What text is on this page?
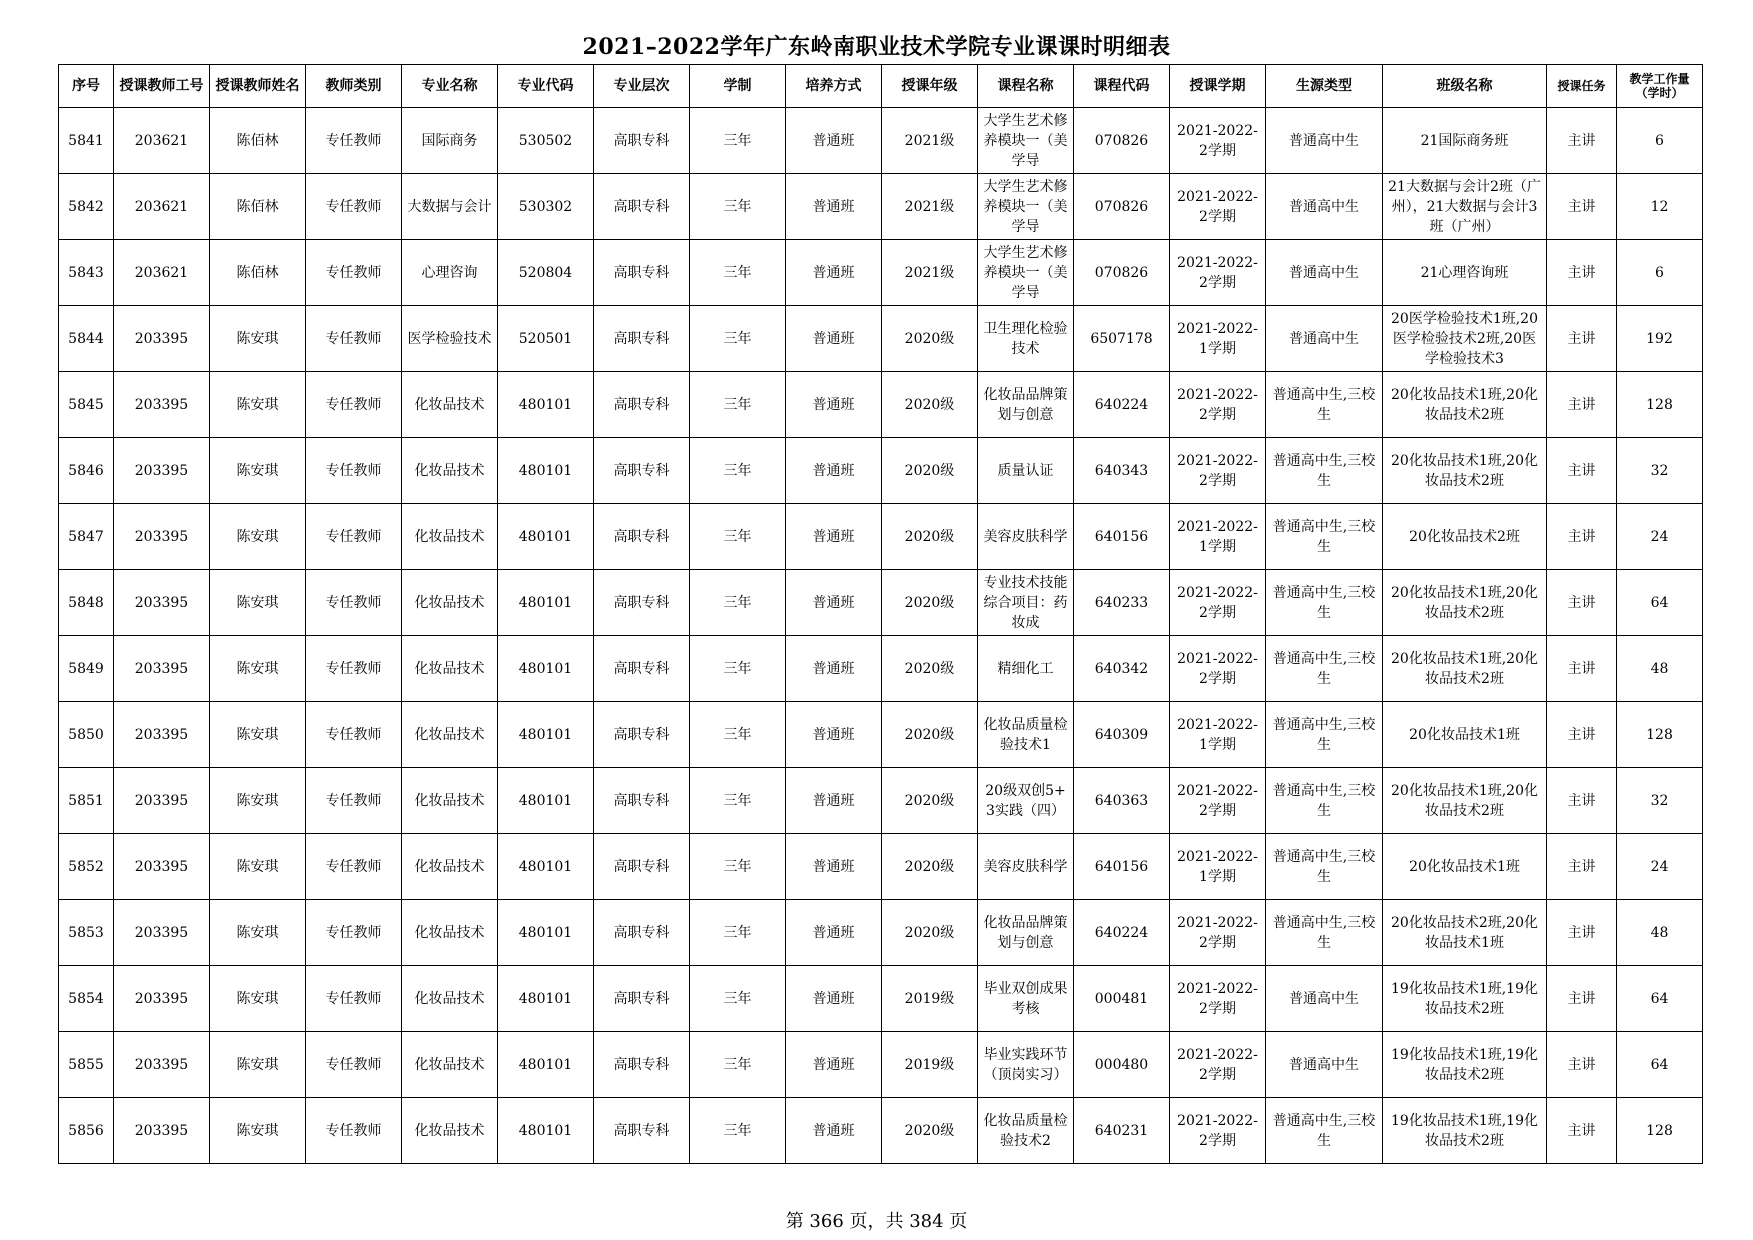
2021–2022学年广东岭南职业技术学院专业课课时明细表
序号	授课教师工号	授课教师姓名	教师类别	专业名称	专业代码	专业层次	学制	培养方式	授课年级	课程名称	课程代码	授课学期	生源类型	班级名称	授课任务	教学工作量（学时）

5841	203621	陈佰林	专任教师	国际商务	530502	高职专科	三年	普通班	2021级	大学生艺术修养模块一（美学导	070826	2021-2022-2学期	普通高中生	21国际商务班	主讲	6

5842	203621	陈佰林	专任教师	大数据与会计	530302	高职专科	三年	普通班	2021级	大学生艺术修养模块一（美学导	070826	2021-2022-2学期	普通高中生	21大数据与会计2班（广州），21大数据与会计3班（广州）	主讲	12

5843	203621	陈佰林	专任教师	心理咨询	520804	高职专科	三年	普通班	2021级	大学生艺术修养模块一（美学导	070826	2021-2022-2学期	普通高中生	21心理咨询班	主讲	6

5844	203395	陈安琪	专任教师	医学检验技术	520501	高职专科	三年	普通班	2020级	卫生理化检验技术	6507178	2021-2022-1学期	普通高中生	20医学检验技术1班,20医学检验技术2班,20医学检验技术3	主讲	192

5845	203395	陈安琪	专任教师	化妆品技术	480101	高职专科	三年	普通班	2020级	化妆品品牌策划与创意	640224	2021-2022-2学期	普通高中生,三校生	20化妆品技术1班,20化妆品技术2班	主讲	128

5846	203395	陈安琪	专任教师	化妆品技术	480101	高职专科	三年	普通班	2020级	质量认证	640343	2021-2022-2学期	普通高中生,三校生	20化妆品技术1班,20化妆品技术2班	主讲	32

5847	203395	陈安琪	专任教师	化妆品技术	480101	高职专科	三年	普通班	2020级	美容皮肤科学	640156	2021-2022-1学期	普通高中生,三校生	20化妆品技术2班	主讲	24

5848	203395	陈安琪	专任教师	化妆品技术	480101	高职专科	三年	普通班	2020级	专业技术技能综合项目：药妆成	640233	2021-2022-2学期	普通高中生,三校生	20化妆品技术1班,20化妆品技术2班	主讲	64

5849	203395	陈安琪	专任教师	化妆品技术	480101	高职专科	三年	普通班	2020级	精细化工	640342	2021-2022-2学期	普通高中生,三校生	20化妆品技术1班,20化妆品技术2班	主讲	48

5850	203395	陈安琪	专任教师	化妆品技术	480101	高职专科	三年	普通班	2020级	化妆品质量检验技术1	640309	2021-2022-1学期	普通高中生,三校生	20化妆品技术1班	主讲	128

5851	203395	陈安琪	专任教师	化妆品技术	480101	高职专科	三年	普通班	2020级	20级双创5+3实践（四）	640363	2021-2022-2学期	普通高中生,三校生	20化妆品技术1班,20化妆品技术2班	主讲	32

5852	203395	陈安琪	专任教师	化妆品技术	480101	高职专科	三年	普通班	2020级	美容皮肤科学	640156	2021-2022-1学期	普通高中生,三校生	20化妆品技术1班	主讲	24

5853	203395	陈安琪	专任教师	化妆品技术	480101	高职专科	三年	普通班	2020级	化妆品品牌策划与创意	640224	2021-2022-2学期	普通高中生,三校生	20化妆品技术2班,20化妆品技术1班	主讲	48

5854	203395	陈安琪	专任教师	化妆品技术	480101	高职专科	三年	普通班	2019级	毕业双创成果考核	000481	2021-2022-2学期	普通高中生	19化妆品技术1班,19化妆品技术2班	主讲	64

5855	203395	陈安琪	专任教师	化妆品技术	480101	高职专科	三年	普通班	2019级	毕业实践环节（顶岗实习）	000480	2021-2022-2学期	普通高中生	19化妆品技术1班,19化妆品技术2班	主讲	64

5856	203395	陈安琪	专任教师	化妆品技术	480101	高职专科	三年	普通班	2020级	化妆品质量检验技术2	640231	2021-2022-2学期	普通高中生,三校生	19化妆品技术1班,19化妆品技术2班	主讲	128
第 366 页，共 384 页
